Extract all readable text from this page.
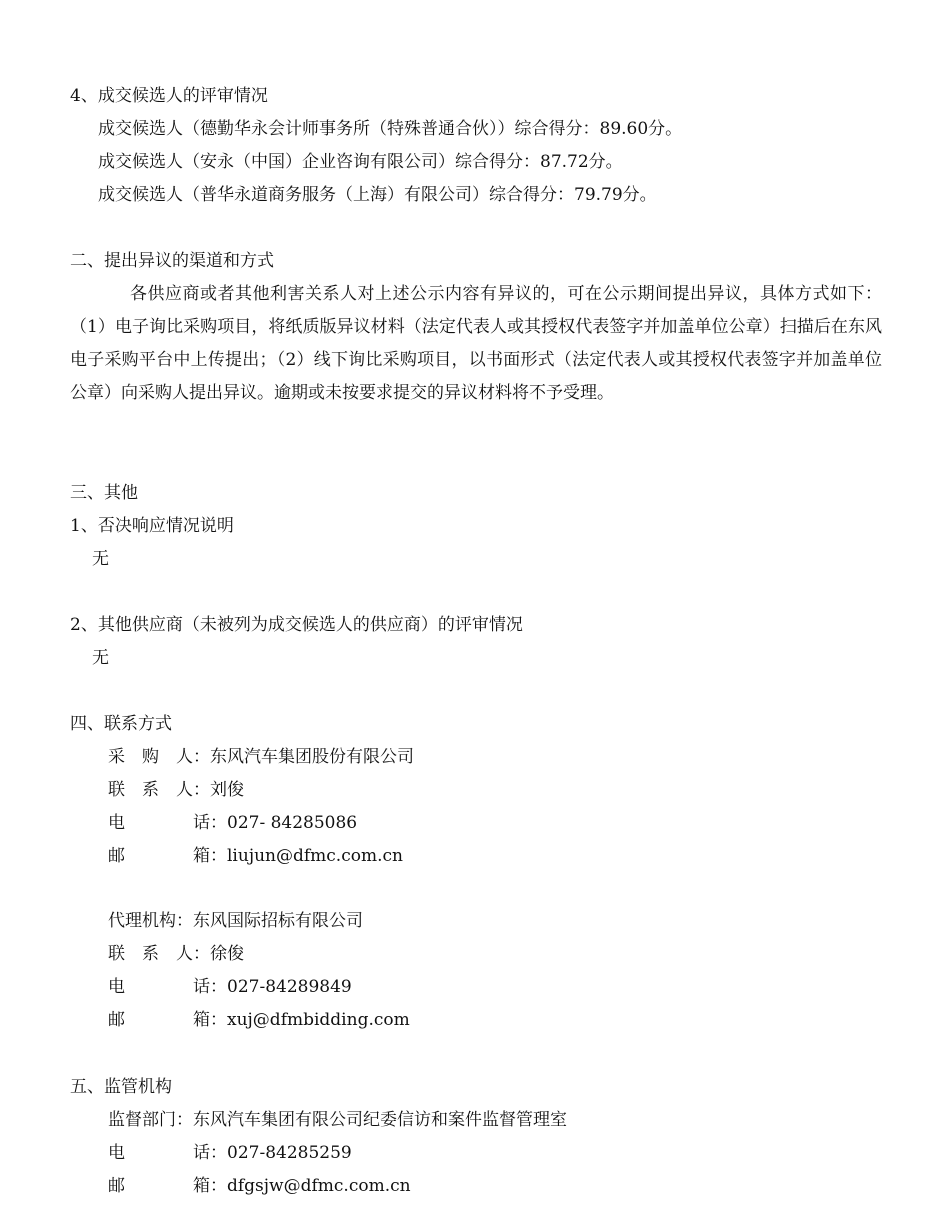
4、成交候选人的评审情况
成交候选人（德勤华永会计师事务所（特殊普通合伙））综合得分：89.60分。
成交候选人（安永（中国）企业咨询有限公司）综合得分：87.72分。
成交候选人（普华永道商务服务（上海）有限公司）综合得分：79.79分。
二、提出异议的渠道和方式

各供应商或者其他利害关系人对上述公示内容有异议的，可在公示期间提出异议，具体方式如下：（1）电子询比采购项目，将纸质版异议材料（法定代表人或其授权代表签字并加盖单位公章）扫描后在东风电子采购平台中上传提出；（2）线下询比采购项目，以书面形式（法定代表人或其授权代表签字并加盖单位公章）向采购人提出异议。逾期或未按要求提交的异议材料将不予受理。

三、其他
1、否决响应情况说明
无
2、其他供应商（未被列为成交候选人的供应商）的评审情况
无
四、联系方式
采　购　人：东风汽车集团股份有限公司
联　系　人：刘俊
电　　　　话：027- 84285086
邮　　　　箱：liujun@dfmc.com.cn
代理机构：东风国际招标有限公司
联　系　人：徐俊
电　　　　话：027-84289849
邮　　　　箱：xuj@dfmbidding.com
五、监管机构
监督部门：东风汽车集团有限公司纪委信访和案件监督管理室
电　　　　话：027-84285259
邮　　　　箱：dfgsjw@dfmc.com.cn
